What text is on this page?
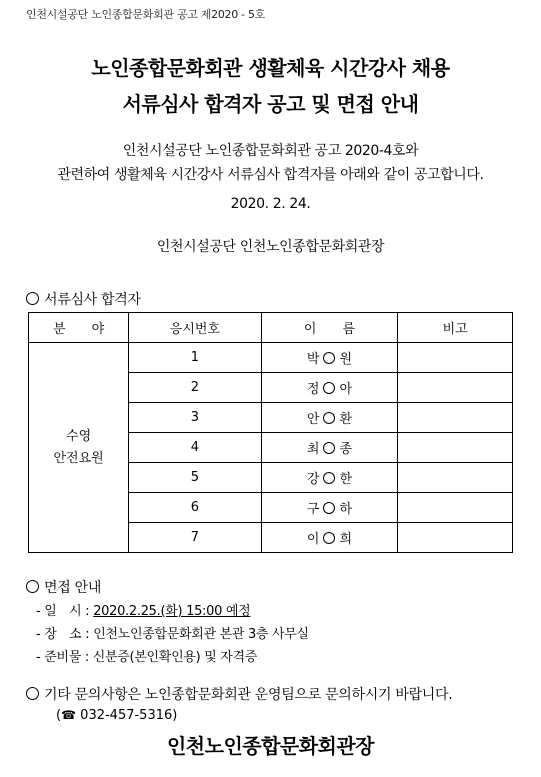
인천시설공단 노인종합문화회관 공고 제2020 - 5호
노인종합문화회관 생활체육 시간강사 채용
서류심사 합격자 공고 및 면접 안내
인천시설공단 노인종합문화회관 공고 2020-4호와
관련하여 생활체육 시간강사 서류심사 합격자를 아래와 같이 공고합니다.
2020. 2. 24.
인천시설공단 인천노인종합문화회관장
서류심사 합격자
분　　야	응시번호	이　　름	비고
수영
안전요원	1	박 원	
	2	정 아	
	3	안 환	
	4	최 종	
	5	강 한	
	6	구 하	
	7	이 희	
면접 안내
- 일　시 : 2020.2.25.(화) 15:00 예정
- 장　소 : 인천노인종합문화회관 본관 3층 사무실
- 준비물 : 신분증(본인확인용) 및 자격증
기타 문의사항은 노인종합문화회관 운영팀으로 문의하시기 바랍니다.
(☎ 032-457-5316)
인천노인종합문화회관장
